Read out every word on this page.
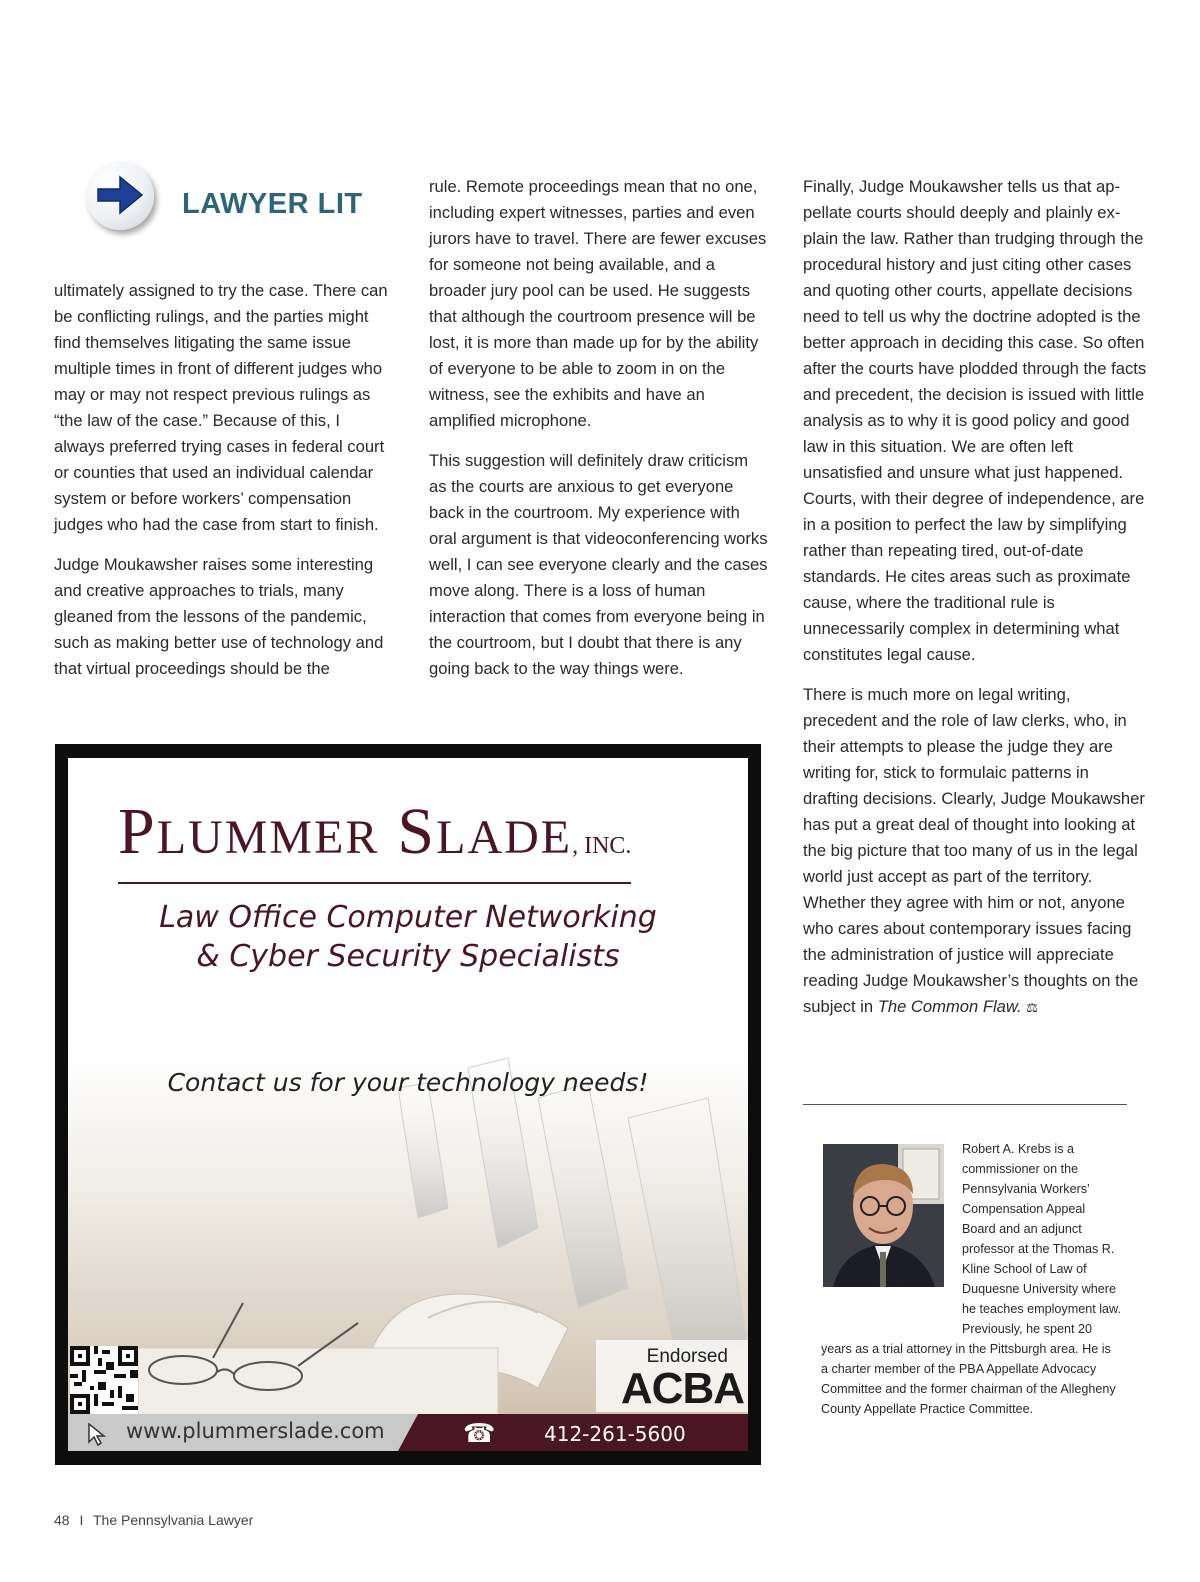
LAWYER LIT

ultimately assigned to try the case. There can be conflicting rulings, and the parties might find themselves litigating the same issue multiple times in front of different judges who may or may not respect previous rulings as “the law of the case.” Because of this, I always preferred trying cases in federal court or counties that used an individual calendar system or before workers’ compensation judges who had the case from start to finish.

Judge Moukawsher raises some interesting and creative approaches to trials, many gleaned from the lessons of the pandemic, such as making better use of technology and that virtual proceedings should be the

rule. Remote proceedings mean that no one, including expert witnesses, parties and even jurors have to travel. There are fewer excuses for someone not being available, and a broader jury pool can be used. He suggests that although the courtroom presence will be lost, it is more than made up for by the ability of everyone to be able to zoom in on the witness, see the exhibits and have an amplified microphone.

This suggestion will definitely draw criticism as the courts are anxious to get everyone back in the courtroom. My experience with oral argument is that videoconferencing works well, I can see everyone clearly and the cases move along. There is a loss of human interaction that comes from everyone being in the courtroom, but I doubt that there is any going back to the way things were.

Finally, Judge Moukawsher tells us that appellate courts should deeply and plainly explain the law. Rather than trudging through the procedural history and just citing other cases and quoting other courts, appellate decisions need to tell us why the doctrine adopted is the better approach in deciding this case. So often after the courts have plodded through the facts and precedent, the decision is issued with little analysis as to why it is good policy and good law in this situation. We are often left unsatisfied and unsure what just happened. Courts, with their degree of independence, are in a position to perfect the law by simplifying rather than repeating tired, out-of-date standards. He cites areas such as proximate cause, where the traditional rule is unnecessarily complex in determining what constitutes legal cause.

There is much more on legal writing, precedent and the role of law clerks, who, in their attempts to please the judge they are writing for, stick to formulaic patterns in drafting decisions. Clearly, Judge Moukawsher has put a great deal of thought into looking at the big picture that too many of us in the legal world just accept as part of the territory. Whether they agree with him or not, anyone who cares about contemporary issues facing the administration of justice will appreciate reading Judge Moukawsher’s thoughts on the subject in The Common Flaw. ⚖

PLUMMER SLADE, INC.
Law Office Computer Networking
& Cyber Security Specialists
Contact us for your technology needs!
Endorsed
ACBA
www.plummerslade.com	☎ 412-261-5600
Robert A. Krebs is a commissioner on the Pennsylvania Workers’ Compensation Appeal Board and an adjunct professor at the Thomas R. Kline School of Law of Duquesne University where he teaches employment law. Previously, he spent 20 years as a trial attorney in the Pittsburgh area. He is a charter member of the PBA Appellate Advocacy Committee and the former chairman of the Allegheny County Appellate Practice Committee.
48 I The Pennsylvania Lawyer
